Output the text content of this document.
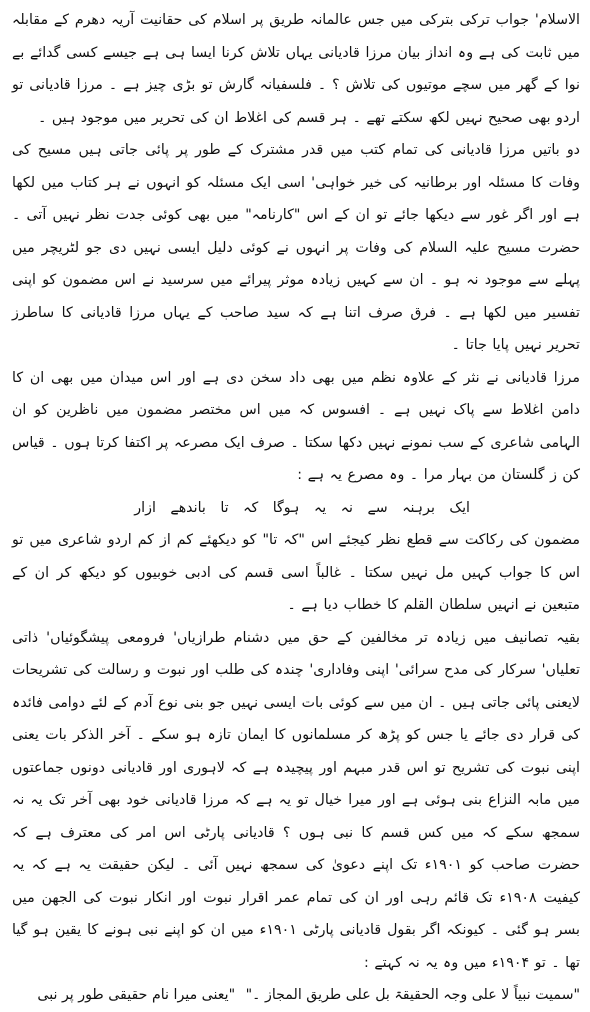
الاسلام' جواب ترکی بترکی میں جس عالمانہ طریق پر اسلام کی حقانیت آریہ دھرم کے مقابلہ میں ثابت کی ہے وہ انداز بیان مرزا قادیانی یہاں تلاش کرنا ایسا ہی ہے جیسے کسی گدائے بے نوا کے گھر میں سچے موتیوں کی تلاش ؟ ۔ فلسفیانہ گارش تو بڑی چیز ہے ۔ مرزا قادیانی تو اردو بھی صحیح نہیں لکھ سکتے تھے ۔ ہر قسم کی اغلاط ان کی تحریر میں موجود ہیں ۔

دو باتیں مرزا قادیانی کی تمام کتب میں قدر مشترک کے طور پر پائی جاتی ہیں مسیح کی وفات کا مسئلہ اور برطانیہ کی خیر خواہی' اسی ایک مسئلہ کو انہوں نے ہر کتاب میں لکھا ہے اور اگر غور سے دیکھا جائے تو ان کے اس "کارنامہ" میں بھی کوئی جدت نظر نہیں آتی ۔ حضرت مسیح علیہ السلام کی وفات پر انہوں نے کوئی دلیل ایسی نہیں دی جو لٹریچر میں پہلے سے موجود نہ ہو ۔ ان سے کہیں زیادہ موثر پیرائے میں سرسید نے اس مضمون کو اپنی تفسیر میں لکھا ہے ۔ فرق صرف اتنا ہے کہ سید صاحب کے یہاں مرزا قادیانی کا ساطرز تحریر نہیں پایا جاتا ۔

مرزا قادیانی نے نثر کے علاوہ نظم میں بھی داد سخن دی ہے اور اس میدان میں بھی ان کا دامن اغلاط سے پاک نہیں ہے ۔ افسوس کہ میں اس مختصر مضمون میں ناظرین کو ان الہامی شاعری کے سب نمونے نہیں دکھا سکتا ۔ صرف ایک مصرعہ پر اکتفا کرتا ہوں ۔ قیاس کن ز گلستان من بہار مرا ۔ وہ مصرع یہ ہے :

ایک برہنہ سے نہ یہ ہوگا کہ تا باندھے ازار

مضمون کی رکاکت سے قطع نظر کیجئے اس "کہ تا" کو دیکھئے کم از کم اردو شاعری میں تو اس کا جواب کہیں مل نہیں سکتا ۔ غالباً اسی قسم کی ادبی خوبیوں کو دیکھ کر ان کے متبعین نے انہیں سلطان القلم کا خطاب دیا ہے ۔

بقیہ تصانیف میں زیادہ تر مخالفین کے حق میں دشنام طرازیاں' فرومعی پیشگوئیاں' ذاتی تعلیاں' سرکار کی مدح سرائی' اپنی وفاداری' چندہ کی طلب اور نبوت و رسالت کی تشریحات لایعنی پائی جاتی ہیں ۔ ان میں سے کوئی بات ایسی نہیں جو بنی نوع آدم کے لئے دوامی فائدہ کی قرار دی جائے یا جس کو پڑھ کر مسلمانوں کا ایمان تازہ ہو سکے ۔ آخر الذکر بات یعنی اپنی نبوت کی تشریح تو اس قدر مبہم اور پیچیدہ ہے کہ لاہوری اور قادیانی دونوں جماعتوں میں مابہ النزاع بنی ہوئی ہے اور میرا خیال تو یہ ہے کہ مرزا قادیانی خود بھی آخر تک یہ نہ سمجھ سکے کہ میں کس قسم کا نبی ہوں ؟ قادیانی پارٹی اس امر کی معترف ہے کہ حضرت صاحب کو ۱۹۰۱ء تک اپنے دعویٰ کی سمجھ نہیں آئی ۔ لیکن حقیقت یہ ہے کہ یہ کیفیت ۱۹۰۸ء تک قائم رہی اور ان کی تمام عمر اقرار نبوت اور انکار نبوت کی الجھن میں بسر ہو گئی ۔ کیونکہ اگر بقول قادیانی پارٹی ۱۹۰۱ء میں ان کو اپنے نبی ہونے کا یقین ہو گیا تھا ۔ تو ۱۹۰۴ء میں وہ یہ نہ کہتے :

"سمیت نبیاً لا علی وجہ الحقیقۃ بل علی طریق المجاز ۔" "یعنی میرا نام حقیقی طور پر نبی
